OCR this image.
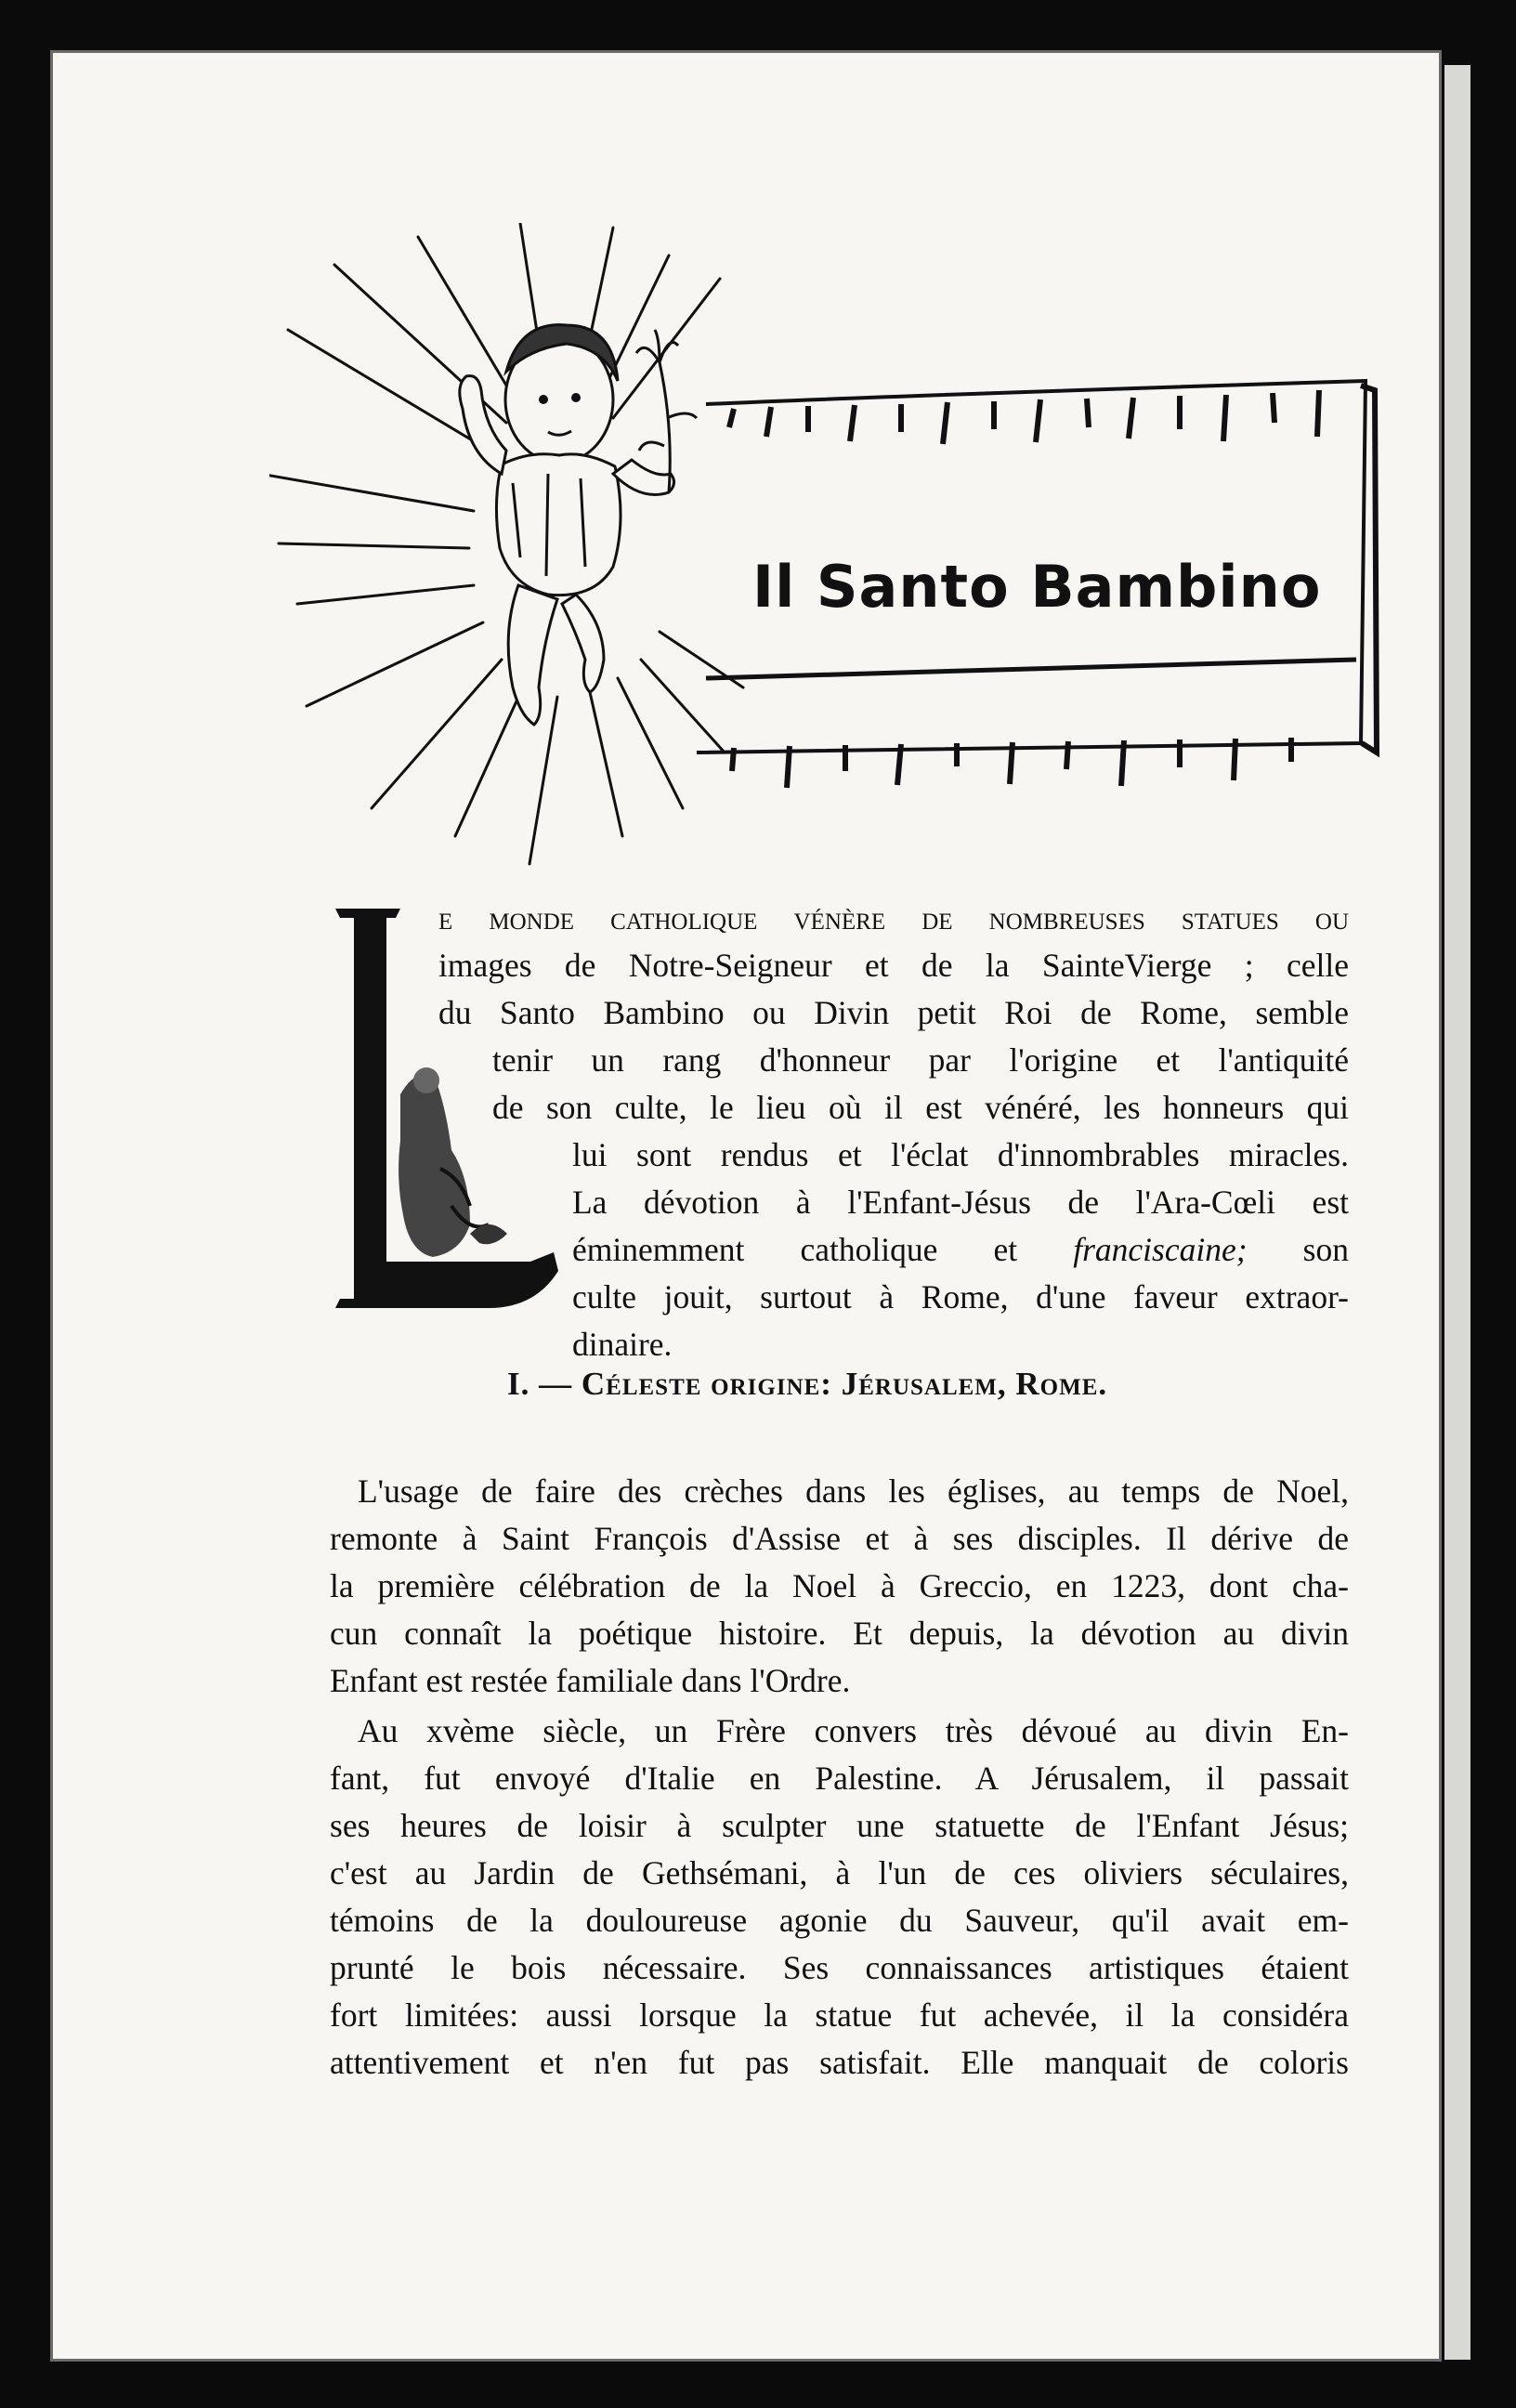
Il Santo Bambino
e monde catholique vénère de nombreuses statues ou
images de Notre-Seigneur et de la SainteVierge ; celle
du Santo Bambino ou Divin petit Roi de Rome, semble
tenir un rang d'honneur par l'origine et l'antiquité
de son culte, le lieu où il est vénéré, les honneurs qui
lui sont rendus et l'éclat d'innombrables miracles.
La dévotion à l'Enfant-Jésus de l'Ara-Cœli est
éminemment catholique et franciscaine; son
culte jouit, surtout à Rome, d'une faveur extraor-
dinaire.
I. — Céleste origine: Jérusalem, Rome.
L'usage de faire des crèches dans les églises, au temps de Noel,
remonte à Saint François d'Assise et à ses disciples. Il dérive de
la première célébration de la Noel à Greccio, en 1223, dont cha-
cun connaît la poétique histoire. Et depuis, la dévotion au divin
Enfant est restée familiale dans l'Ordre.
Au xvème siècle, un Frère convers très dévoué au divin En-
fant, fut envoyé d'Italie en Palestine. A Jérusalem, il passait
ses heures de loisir à sculpter une statuette de l'Enfant Jésus;
c'est au Jardin de Gethsémani, à l'un de ces oliviers séculaires,
témoins de la douloureuse agonie du Sauveur, qu'il avait em-
prunté le bois nécessaire. Ses connaissances artistiques étaient
fort limitées: aussi lorsque la statue fut achevée, il la considéra
attentivement et n'en fut pas satisfait. Elle manquait de coloris
